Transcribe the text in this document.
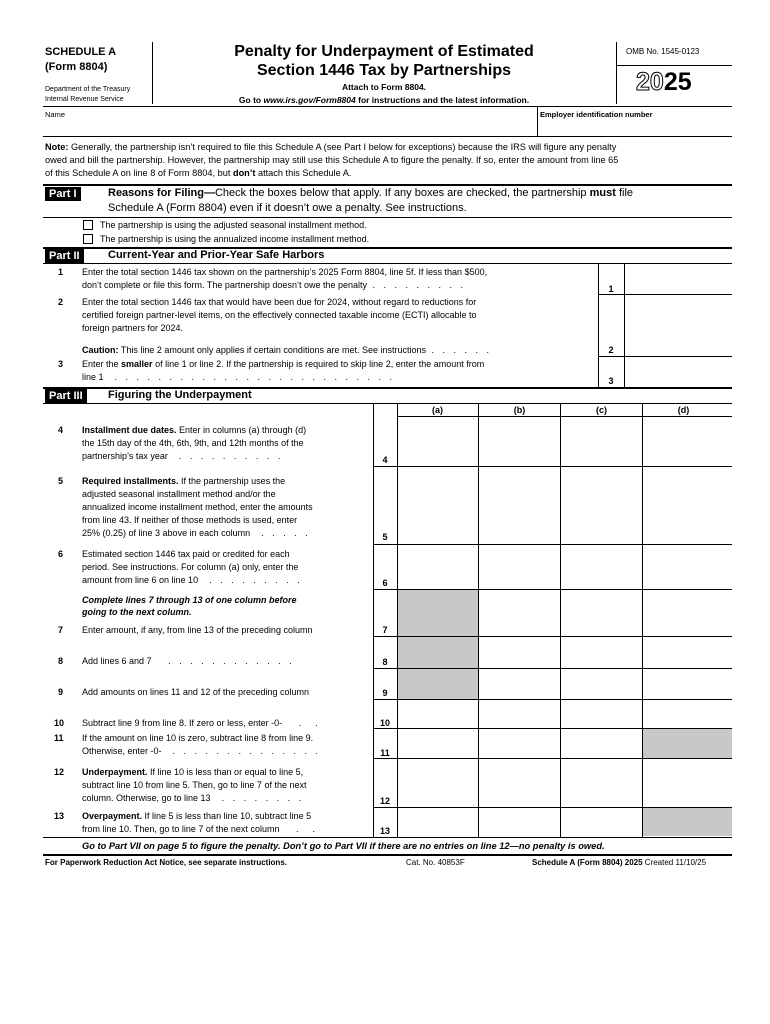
SCHEDULE A
(Form 8804)
Department of the Treasury
Internal Revenue Service
Penalty for Underpayment of Estimated
Section 1446 Tax by Partnerships
Attach to Form 8804.
Go to www.irs.gov/Form8804 for instructions and the latest information.
OMB No. 1545-0123
2025
Name	Employer identification number
Note: Generally, the partnership isn’t required to file this Schedule A (see Part I below for exceptions) because the IRS will figure any penalty
owed and bill the partnership. However, the partnership may still use this Schedule A to figure the penalty. If so, enter the amount from line 65
of this Schedule A on line 8 of Form 8804, but don’t attach this Schedule A.
Part I	Reasons for Filing—Check the boxes below that apply. If any boxes are checked, the partnership must file
Schedule A (Form 8804) even if it doesn’t owe a penalty. See instructions.
The partnership is using the adjusted seasonal installment method.
The partnership is using the annualized income installment method.
Part II	Current-Year and Prior-Year Safe Harbors
1 Enter the total section 1446 tax shown on the partnership’s 2025 Form 8804, line 5f. If less than $500,
don’t complete or file this form. The partnership doesn’t owe the penalty . . . . . . . . .	1
2 Enter the total section 1446 tax that would have been due for 2024, without regard to reductions for
certified foreign partner-level items, on the effectively connected taxable income (ECTI) allocable to
foreign partners for 2024.
Caution: This line 2 amount only applies if certain conditions are met. See instructions . . . . . .	2
3 Enter the smaller of line 1 or line 2. If the partnership is required to skip line 2, enter the amount from
line 1  . . . . . . . . . . . . . . . . . . . . . . . . . .	3
Part III	Figuring the Underpayment
(a)	(b)	(c)	(d)
4 Installment due dates. Enter in columns (a) through (d)
the 15th day of the 4th, 6th, 9th, and 12th months of the
partnership’s tax year  . . . . . . . . . .	4
5 Required installments. If the partnership uses the
adjusted seasonal installment method and/or the
annualized income installment method, enter the amounts
from line 43. If neither of those methods is used, enter
25% (0.25) of line 3 above in each column  . . . . .	5
6 Estimated section 1446 tax paid or credited for each
period. See instructions. For column (a) only, enter the
amount from line 6 on line 10  . . . . . . . . .	6
Complete lines 7 through 13 of one column before
going to the next column.
7 Enter amount, if any, from line 13 of the preceding column	7
8 Add lines 6 and 7   . . . . . . . . . . . .	8
9 Add amounts on lines 11 and 12 of the preceding column	9
10 Subtract line 9 from line 8. If zero or less, enter -0-   .  .	10
11 If the amount on line 10 is zero, subtract line 8 from line 9.
Otherwise, enter -0-  . . . . . . . . . . . . . .	11
12 Underpayment. If line 10 is less than or equal to line 5,
subtract line 10 from line 5. Then, go to line 7 of the next
column. Otherwise, go to line 13  . . . . . . . .	12
13 Overpayment. If line 5 is less than line 10, subtract line 5
from line 10. Then, go to line 7 of the next column   .  .	13
Go to Part VII on page 5 to figure the penalty. Don’t go to Part VII if there are no entries on line 12—no penalty is owed.
For Paperwork Reduction Act Notice, see separate instructions.	Cat. No. 40853F	Schedule A (Form 8804) 2025 Created 11/10/25
